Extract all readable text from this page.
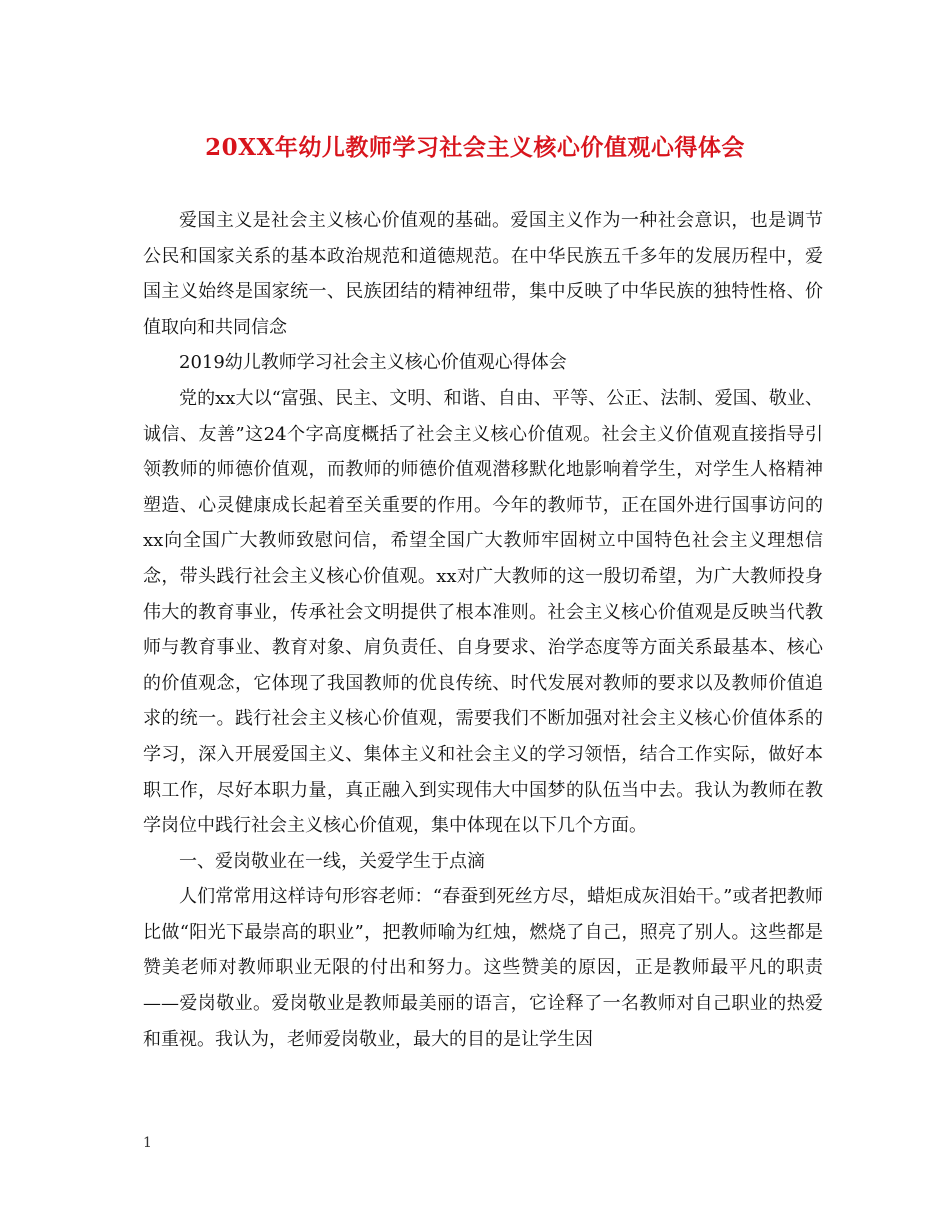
20XX年幼儿教师学习社会主义核心价值观心得体会

爱国主义是社会主义核心价值观的基础。爱国主义作为一种社会意识，也是调节公民和国家关系的基本政治规范和道德规范。在中华民族五千多年的发展历程中，爱国主义始终是国家统一、民族团结的精神纽带，集中反映了中华民族的独特性格、价值取向和共同信念

2019幼儿教师学习社会主义核心价值观心得体会

党的xx大以“富强、民主、文明、和谐、自由、平等、公正、法制、爱国、敬业、诚信、友善”这24个字高度概括了社会主义核心价值观。社会主义价值观直接指导引领教师的师德价值观，而教师的师德价值观潜移默化地影响着学生，对学生人格精神塑造、心灵健康成长起着至关重要的作用。今年的教师节，正在国外进行国事访问的xx向全国广大教师致慰问信，希望全国广大教师牢固树立中国特色社会主义理想信念，带头践行社会主义核心价值观。xx对广大教师的这一殷切希望，为广大教师投身伟大的教育事业，传承社会文明提供了根本准则。社会主义核心价值观是反映当代教师与教育事业、教育对象、肩负责任、自身要求、治学态度等方面关系最基本、核心的价值观念，它体现了我国教师的优良传统、时代发展对教师的要求以及教师价值追求的统一。践行社会主义核心价值观，需要我们不断加强对社会主义核心价值体系的学习，深入开展爱国主义、集体主义和社会主义的学习领悟，结合工作实际，做好本职工作，尽好本职力量，真正融入到实现伟大中国梦的队伍当中去。我认为教师在教学岗位中践行社会主义核心价值观，集中体现在以下几个方面。

一、爱岗敬业在一线，关爱学生于点滴

人们常常用这样诗句形容老师：“春蚕到死丝方尽，蜡炬成灰泪始干。”或者把教师比做“阳光下最崇高的职业”，把教师喻为红烛，燃烧了自己，照亮了别人。这些都是赞美老师对教师职业无限的付出和努力。这些赞美的原因，正是教师最平凡的职责——爱岗敬业。爱岗敬业是教师最美丽的语言，它诠释了一名教师对自己职业的热爱和重视。我认为，老师爱岗敬业，最大的目的是让学生因

1
